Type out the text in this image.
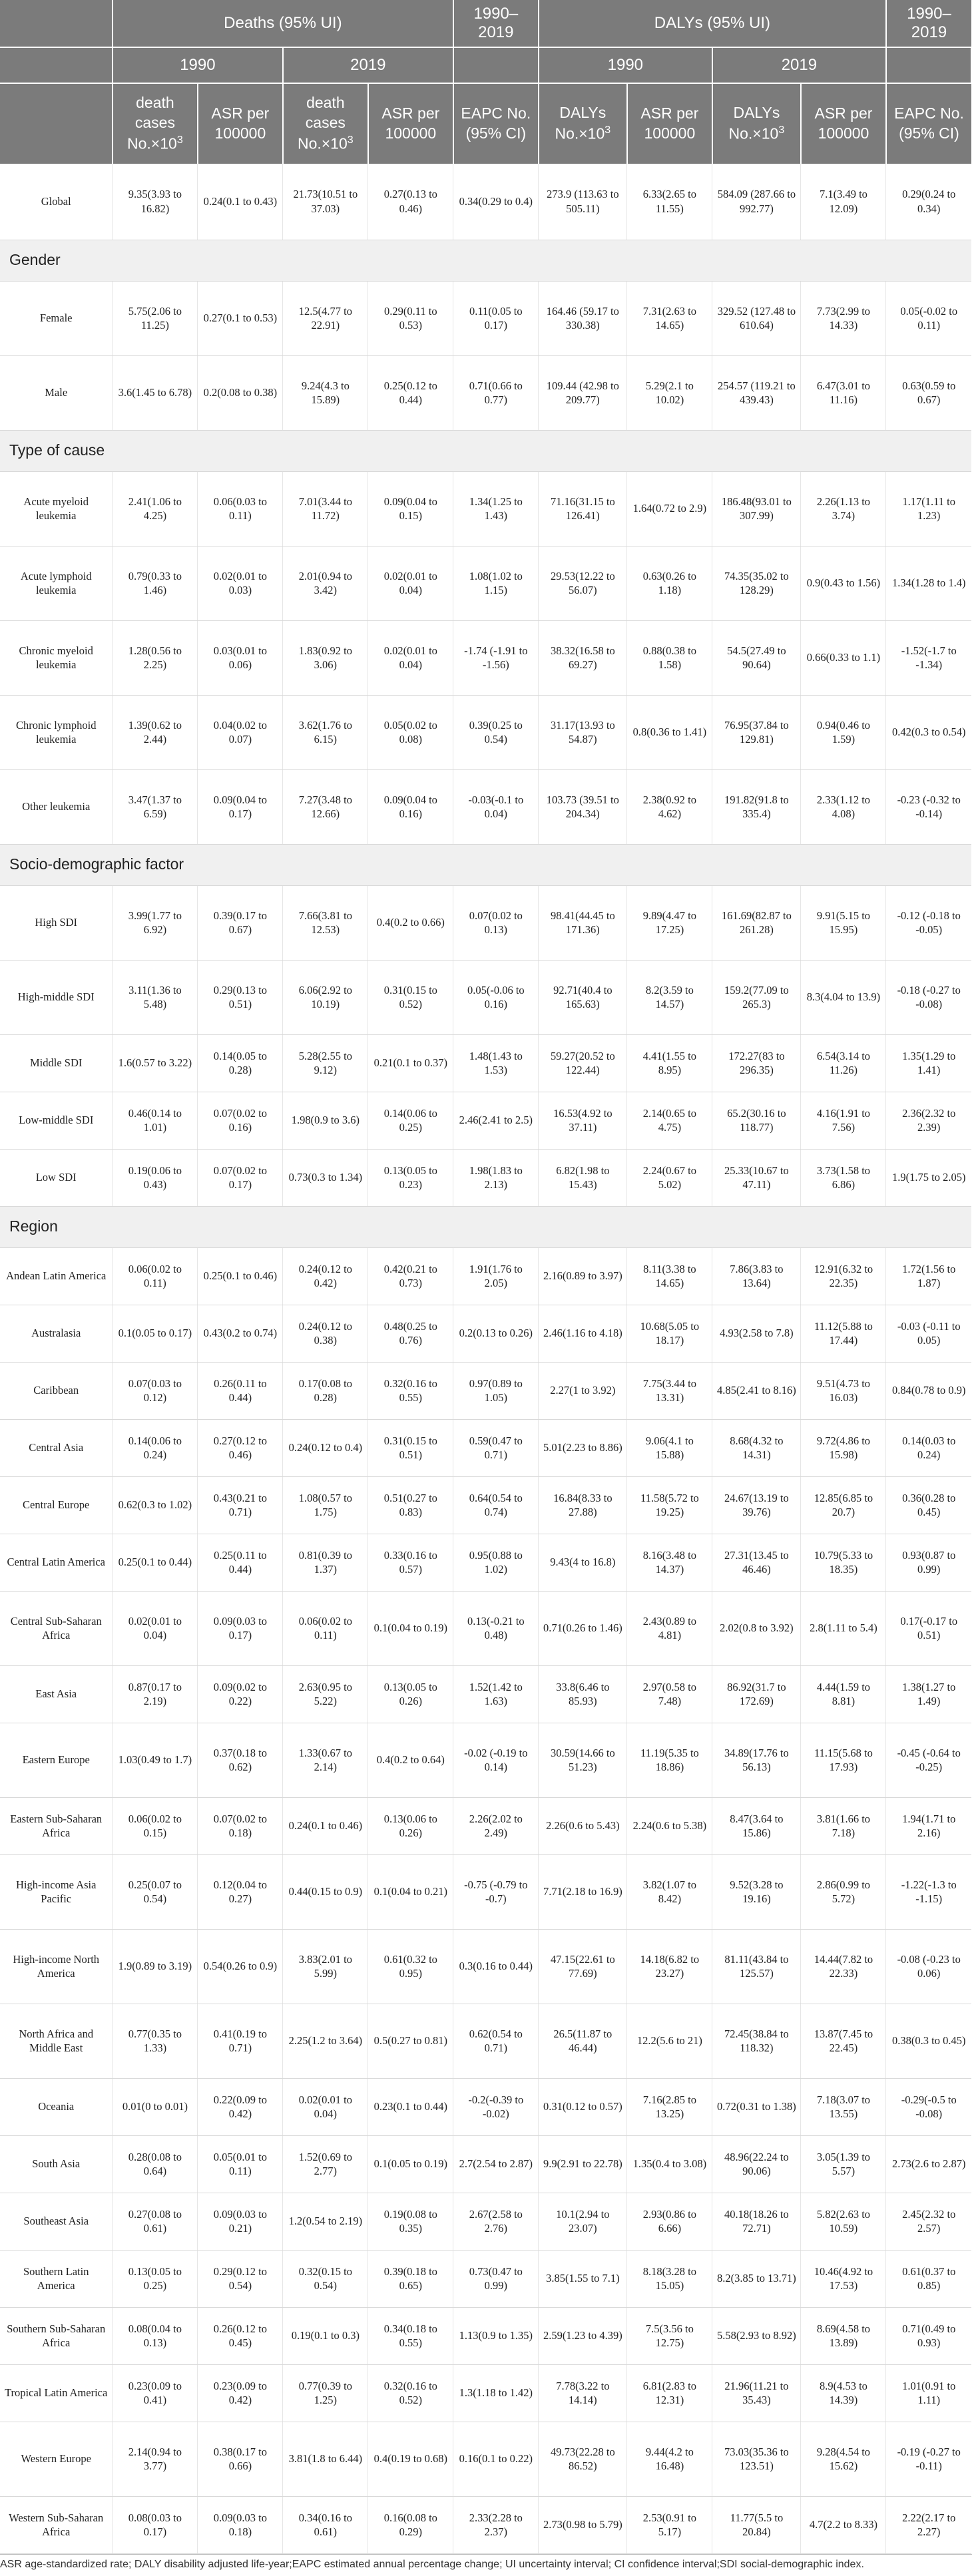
	Deaths (95% UI)				1990–2019	DALYs (95% UI)				1990–2019
	1990		2019			1990		2019		
	death cases $No.\times 10^3$	ASR per 100000	death cases $No.\times 10^3$	ASR per 100000	EAPC No. (95% CI)	DALYs $No.\times 10^3$	ASR per 100000	DALYs $No.\times 10^3$	ASR per 100000	EAPC No. (95% CI)
Global	9.35(3.93 to 16.82)	0.24(0.1 to 0.43)	21.73(10.51 to 37.03)	0.27(0.13 to 0.46)	0.34(0.29 to 0.4)	273.9 (113.63 to 505.11)	6.33(2.65 to 11.55)	584.09 (287.66 to 992.77)	7.1(3.49 to 12.09)	0.29(0.24 to 0.34)
Gender										
Female	5.75(2.06 to 11.25)	0.27(0.1 to 0.53)	12.5(4.77 to 22.91)	0.29(0.11 to 0.53)	0.11(0.05 to 0.17)	164.46 (59.17 to 330.38)	7.31(2.63 to 14.65)	329.52 (127.48 to 610.64)	7.73(2.99 to 14.33)	0.05(-0.02 to 0.11)
Male	3.6(1.45 to 6.78)	0.2(0.08 to 0.38)	9.24(4.3 to 15.89)	0.25(0.12 to 0.44)	0.71(0.66 to 0.77)	109.44 (42.98 to 209.77)	5.29(2.1 to 10.02)	254.57 (119.21 to 439.43)	6.47(3.01 to 11.16)	0.63(0.59 to 0.67)
Type of cause										
Acute myeloid leukemia	2.41(1.06 to 4.25)	0.06(0.03 to 0.11)	7.01(3.44 to 11.72)	0.09(0.04 to 0.15)	1.34(1.25 to 1.43)	71.16(31.15 to 126.41)	1.64(0.72 to 2.9)	186.48(93.01 to 307.99)	2.26(1.13 to 3.74)	1.17(1.11 to 1.23)
Acute lymphoid leukemia	0.79(0.33 to 1.46)	0.02(0.01 to 0.03)	2.01(0.94 to 3.42)	0.02(0.01 to 0.04)	1.08(1.02 to 1.15)	29.53(12.22 to 56.07)	0.63(0.26 to 1.18)	74.35(35.02 to 128.29)	0.9(0.43 to 1.56)	1.34(1.28 to 1.4)
Chronic myeloid leukemia	1.28(0.56 to 2.25)	0.03(0.01 to 0.06)	1.83(0.92 to 3.06)	0.02(0.01 to 0.04)	-1.74 (-1.91 to -1.56)	38.32(16.58 to 69.27)	0.88(0.38 to 1.58)	54.5(27.49 to 90.64)	0.66(0.33 to 1.1)	-1.52(-1.7 to -1.34)
Chronic lymphoid leukemia	1.39(0.62 to 2.44)	0.04(0.02 to 0.07)	3.62(1.76 to 6.15)	0.05(0.02 to 0.08)	0.39(0.25 to 0.54)	31.17(13.93 to 54.87)	0.8(0.36 to 1.41)	76.95(37.84 to 129.81)	0.94(0.46 to 1.59)	0.42(0.3 to 0.54)
Other leukemia	3.47(1.37 to 6.59)	0.09(0.04 to 0.17)	7.27(3.48 to 12.66)	0.09(0.04 to 0.16)	-0.03(-0.1 to 0.04)	103.73 (39.51 to 204.34)	2.38(0.92 to 4.62)	191.82(91.8 to 335.4)	2.33(1.12 to 4.08)	-0.23 (-0.32 to -0.14)
Socio-demographic factor										
High SDI	3.99(1.77 to 6.92)	0.39(0.17 to 0.67)	7.66(3.81 to 12.53)	0.4(0.2 to 0.66)	0.07(0.02 to 0.13)	98.41(44.45 to 171.36)	9.89(4.47 to 17.25)	161.69(82.87 to 261.28)	9.91(5.15 to 15.95)	-0.12 (-0.18 to -0.05)
High-middle SDI	3.11(1.36 to 5.48)	0.29(0.13 to 0.51)	6.06(2.92 to 10.19)	0.31(0.15 to 0.52)	0.05(-0.06 to 0.16)	92.71(40.4 to 165.63)	8.2(3.59 to 14.57)	159.2(77.09 to 265.3)	8.3(4.04 to 13.9)	-0.18 (-0.27 to -0.08)
Middle SDI	1.6(0.57 to 3.22)	0.14(0.05 to 0.28)	5.28(2.55 to 9.12)	0.21(0.1 to 0.37)	1.48(1.43 to 1.53)	59.27(20.52 to 122.44)	4.41(1.55 to 8.95)	172.27(83 to 296.35)	6.54(3.14 to 11.26)	1.35(1.29 to 1.41)
Low-middle SDI	0.46(0.14 to 1.01)	0.07(0.02 to 0.16)	1.98(0.9 to 3.6)	0.14(0.06 to 0.25)	2.46(2.41 to 2.5)	16.53(4.92 to 37.11)	2.14(0.65 to 4.75)	65.2(30.16 to 118.77)	4.16(1.91 to 7.56)	2.36(2.32 to 2.39)
Low SDI	0.19(0.06 to 0.43)	0.07(0.02 to 0.17)	0.73(0.3 to 1.34)	0.13(0.05 to 0.23)	1.98(1.83 to 2.13)	6.82(1.98 to 15.43)	2.24(0.67 to 5.02)	25.33(10.67 to 47.11)	3.73(1.58 to 6.86)	1.9(1.75 to 2.05)
Region										
Andean Latin America	0.06(0.02 to 0.11)	0.25(0.1 to 0.46)	0.24(0.12 to 0.42)	0.42(0.21 to 0.73)	1.91(1.76 to 2.05)	2.16(0.89 to 3.97)	8.11(3.38 to 14.65)	7.86(3.83 to 13.64)	12.91(6.32 to 22.35)	1.72(1.56 to 1.87)
Australasia	0.1(0.05 to 0.17)	0.43(0.2 to 0.74)	0.24(0.12 to 0.38)	0.48(0.25 to 0.76)	0.2(0.13 to 0.26)	2.46(1.16 to 4.18)	10.68(5.05 to 18.17)	4.93(2.58 to 7.8)	11.12(5.88 to 17.44)	-0.03 (-0.11 to 0.05)
Caribbean	0.07(0.03 to 0.12)	0.26(0.11 to 0.44)	0.17(0.08 to 0.28)	0.32(0.16 to 0.55)	0.97(0.89 to 1.05)	2.27(1 to 3.92)	7.75(3.44 to 13.31)	4.85(2.41 to 8.16)	9.51(4.73 to 16.03)	0.84(0.78 to 0.9)
Central Asia	0.14(0.06 to 0.24)	0.27(0.12 to 0.46)	0.24(0.12 to 0.4)	0.31(0.15 to 0.51)	0.59(0.47 to 0.71)	5.01(2.23 to 8.86)	9.06(4.1 to 15.88)	8.68(4.32 to 14.31)	9.72(4.86 to 15.98)	0.14(0.03 to 0.24)
Central Europe	0.62(0.3 to 1.02)	0.43(0.21 to 0.71)	1.08(0.57 to 1.75)	0.51(0.27 to 0.83)	0.64(0.54 to 0.74)	16.84(8.33 to 27.88)	11.58(5.72 to 19.25)	24.67(13.19 to 39.76)	12.85(6.85 to 20.7)	0.36(0.28 to 0.45)
Central Latin America	0.25(0.1 to 0.44)	0.25(0.11 to 0.44)	0.81(0.39 to 1.37)	0.33(0.16 to 0.57)	0.95(0.88 to 1.02)	9.43(4 to 16.8)	8.16(3.48 to 14.37)	27.31(13.45 to 46.46)	10.79(5.33 to 18.35)	0.93(0.87 to 0.99)
Central Sub-Saharan Africa	0.02(0.01 to 0.04)	0.09(0.03 to 0.17)	0.06(0.02 to 0.11)	0.1(0.04 to 0.19)	0.13(-0.21 to 0.48)	0.71(0.26 to 1.46)	2.43(0.89 to 4.81)	2.02(0.8 to 3.92)	2.8(1.11 to 5.4)	0.17(-0.17 to 0.51)
East Asia	0.87(0.17 to 2.19)	0.09(0.02 to 0.22)	2.63(0.95 to 5.22)	0.13(0.05 to 0.26)	1.52(1.42 to 1.63)	33.8(6.46 to 85.93)	2.97(0.58 to 7.48)	86.92(31.7 to 172.69)	4.44(1.59 to 8.81)	1.38(1.27 to 1.49)
Eastern Europe	1.03(0.49 to 1.7)	0.37(0.18 to 0.62)	1.33(0.67 to 2.14)	0.4(0.2 to 0.64)	-0.02 (-0.19 to 0.14)	30.59(14.66 to 51.23)	11.19(5.35 to 18.86)	34.89(17.76 to 56.13)	11.15(5.68 to 17.93)	-0.45 (-0.64 to -0.25)
Eastern Sub-Saharan Africa	0.06(0.02 to 0.15)	0.07(0.02 to 0.18)	0.24(0.1 to 0.46)	0.13(0.06 to 0.26)	2.26(2.02 to 2.49)	2.26(0.6 to 5.43)	2.24(0.6 to 5.38)	8.47(3.64 to 15.86)	3.81(1.66 to 7.18)	1.94(1.71 to 2.16)
High-income Asia Pacific	0.25(0.07 to 0.54)	0.12(0.04 to 0.27)	0.44(0.15 to 0.9)	0.1(0.04 to 0.21)	-0.75 (-0.79 to -0.7)	7.71(2.18 to 16.9)	3.82(1.07 to 8.42)	9.52(3.28 to 19.16)	2.86(0.99 to 5.72)	-1.22(-1.3 to -1.15)
High-income North America	1.9(0.89 to 3.19)	0.54(0.26 to 0.9)	3.83(2.01 to 5.99)	0.61(0.32 to 0.95)	0.3(0.16 to 0.44)	47.15(22.61 to 77.69)	14.18(6.82 to 23.27)	81.11(43.84 to 125.57)	14.44(7.82 to 22.33)	-0.08 (-0.23 to 0.06)
North Africa and Middle East	0.77(0.35 to 1.33)	0.41(0.19 to 0.71)	2.25(1.2 to 3.64)	0.5(0.27 to 0.81)	0.62(0.54 to 0.71)	26.5(11.87 to 46.44)	12.2(5.6 to 21)	72.45(38.84 to 118.32)	13.87(7.45 to 22.45)	0.38(0.3 to 0.45)
Oceania	0.01(0 to 0.01)	0.22(0.09 to 0.42)	0.02(0.01 to 0.04)	0.23(0.1 to 0.44)	-0.2(-0.39 to -0.02)	0.31(0.12 to 0.57)	7.16(2.85 to 13.25)	0.72(0.31 to 1.38)	7.18(3.07 to 13.55)	-0.29(-0.5 to -0.08)
South Asia	0.28(0.08 to 0.64)	0.05(0.01 to 0.11)	1.52(0.69 to 2.77)	0.1(0.05 to 0.19)	2.7(2.54 to 2.87)	9.9(2.91 to 22.78)	1.35(0.4 to 3.08)	48.96(22.24 to 90.06)	3.05(1.39 to 5.57)	2.73(2.6 to 2.87)
Southeast Asia	0.27(0.08 to 0.61)	0.09(0.03 to 0.21)	1.2(0.54 to 2.19)	0.19(0.08 to 0.35)	2.67(2.58 to 2.76)	10.1(2.94 to 23.07)	2.93(0.86 to 6.66)	40.18(18.26 to 72.71)	5.82(2.63 to 10.59)	2.45(2.32 to 2.57)
Southern Latin America	0.13(0.05 to 0.25)	0.29(0.12 to 0.54)	0.32(0.15 to 0.54)	0.39(0.18 to 0.65)	0.73(0.47 to 0.99)	3.85(1.55 to 7.1)	8.18(3.28 to 15.05)	8.2(3.85 to 13.71)	10.46(4.92 to 17.53)	0.61(0.37 to 0.85)
Southern Sub-Saharan Africa	0.08(0.04 to 0.13)	0.26(0.12 to 0.45)	0.19(0.1 to 0.3)	0.34(0.18 to 0.55)	1.13(0.9 to 1.35)	2.59(1.23 to 4.39)	7.5(3.56 to 12.75)	5.58(2.93 to 8.92)	8.69(4.58 to 13.89)	0.71(0.49 to 0.93)
Tropical Latin America	0.23(0.09 to 0.41)	0.23(0.09 to 0.42)	0.77(0.39 to 1.25)	0.32(0.16 to 0.52)	1.3(1.18 to 1.42)	7.78(3.22 to 14.14)	6.81(2.83 to 12.31)	21.96(11.21 to 35.43)	8.9(4.53 to 14.39)	1.01(0.91 to 1.11)
Western Europe	2.14(0.94 to 3.77)	0.38(0.17 to 0.66)	3.81(1.8 to 6.44)	0.4(0.19 to 0.68)	0.16(0.1 to 0.22)	49.73(22.28 to 86.52)	9.44(4.2 to 16.48)	73.03(35.36 to 123.51)	9.28(4.54 to 15.62)	-0.19 (-0.27 to -0.11)
Western Sub-Saharan Africa	0.08(0.03 to 0.17)	0.09(0.03 to 0.18)	0.34(0.16 to 0.61)	0.16(0.08 to 0.29)	2.33(2.28 to 2.37)	2.73(0.98 to 5.79)	2.53(0.91 to 5.17)	11.77(5.5 to 20.84)	4.7(2.2 to 8.33)	2.22(2.17 to 2.27)
ASR age-standardized rate; DALY disability adjusted life-year;EAPC estimated annual percentage change; UI uncertainty interval; CI confidence interval;SDI social-demographic index.
